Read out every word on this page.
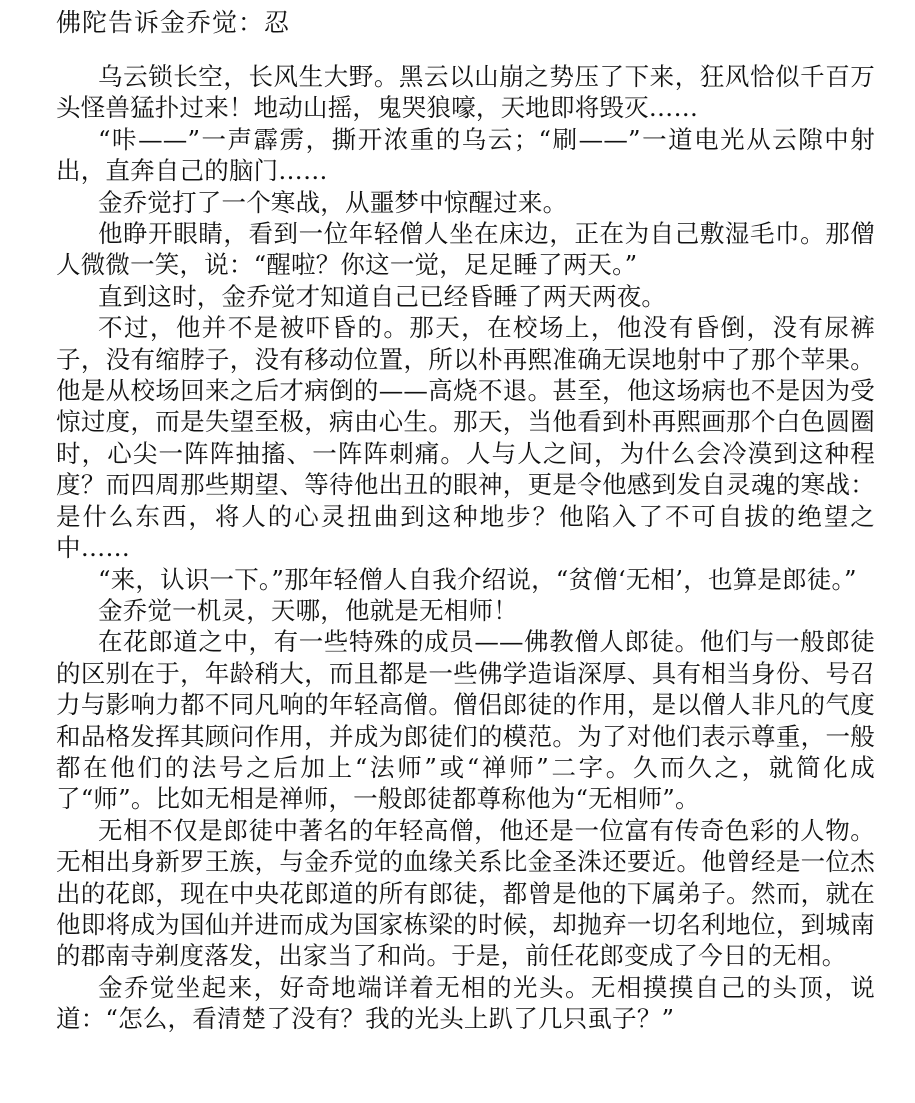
佛陀告诉金乔觉：忍

乌云锁长空，长风生大野。黑云以山崩之势压了下来，狂风恰似千百万头怪兽猛扑过来！地动山摇，鬼哭狼嚎，天地即将毁灭……

“咔——”一声霹雳，撕开浓重的乌云；“刷——”一道电光从云隙中射出，直奔自己的脑门……

金乔觉打了一个寒战，从噩梦中惊醒过来。

他睁开眼睛，看到一位年轻僧人坐在床边，正在为自己敷湿毛巾。那僧人微微一笑，说：“醒啦？你这一觉，足足睡了两天。”

直到这时，金乔觉才知道自己已经昏睡了两天两夜。

不过，他并不是被吓昏的。那天，在校场上，他没有昏倒，没有尿裤子，没有缩脖子，没有移动位置，所以朴再熙准确无误地射中了那个苹果。他是从校场回来之后才病倒的——高烧不退。甚至，他这场病也不是因为受惊过度，而是失望至极，病由心生。那天，当他看到朴再熙画那个白色圆圈时，心尖一阵阵抽搐、一阵阵刺痛。人与人之间，为什么会冷漠到这种程度？而四周那些期望、等待他出丑的眼神，更是令他感到发自灵魂的寒战：是什么东西，将人的心灵扭曲到这种地步？他陷入了不可自拔的绝望之中……

“来，认识一下。”那年轻僧人自我介绍说，“贫僧‘无相’，也算是郎徒。”

金乔觉一机灵，天哪，他就是无相师！

在花郎道之中，有一些特殊的成员——佛教僧人郎徒。他们与一般郎徒的区别在于，年龄稍大，而且都是一些佛学造诣深厚、具有相当身份、号召力与影响力都不同凡响的年轻高僧。僧侣郎徒的作用，是以僧人非凡的气度和品格发挥其顾问作用，并成为郎徒们的模范。为了对他们表示尊重，一般都在他们的法号之后加上“法师”或“禅师”二字。久而久之，就简化成了“师”。比如无相是禅师，一般郎徒都尊称他为“无相师”。

无相不仅是郎徒中著名的年轻高僧，他还是一位富有传奇色彩的人物。无相出身新罗王族，与金乔觉的血缘关系比金圣洙还要近。他曾经是一位杰出的花郎，现在中央花郎道的所有郎徒，都曾是他的下属弟子。然而，就在他即将成为国仙并进而成为国家栋梁的时候，却抛弃一切名利地位，到城南的郡南寺剃度落发，出家当了和尚。于是，前任花郎变成了今日的无相。

金乔觉坐起来，好奇地端详着无相的光头。无相摸摸自己的头顶，说道：“怎么，看清楚了没有？我的光头上趴了几只虱子？”
